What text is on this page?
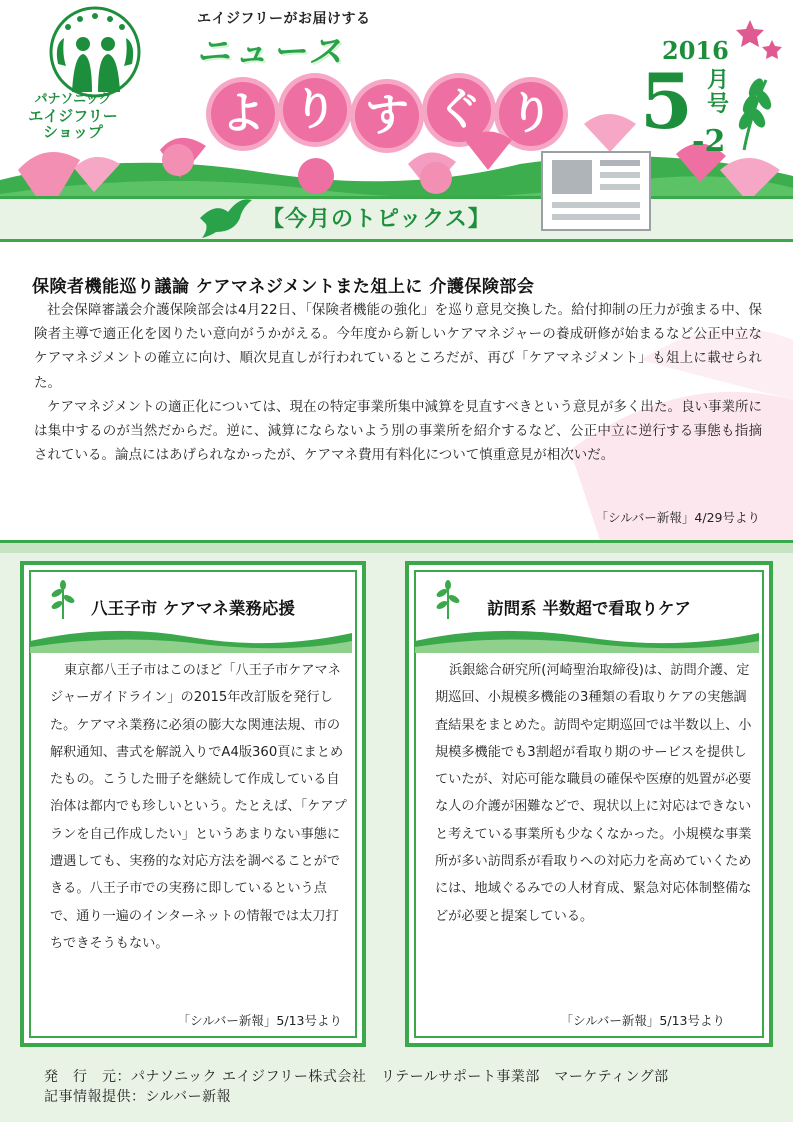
パナソニック
エイジフリー
ショップ
エイジフリーがお届けする
ニュース
よ り す ぐ り
2016
5 月号
-2
【今月のトピックス】
保険者機能巡り議論 ケアマネジメントまた俎上に 介護保険部会

社会保障審議会介護保険部会は4月22日、「保険者機能の強化」を巡り意見交換した。給付抑制の圧力が強まる中、保険者主導で適正化を図りたい意向がうかがえる。今年度から新しいケアマネジャーの養成研修が始まるなど公正中立なケアマネジメントの確立に向け、順次見直しが行われているところだが、再び「ケアマネジメント」も俎上に載せられた。

ケアマネジメントの適正化については、現在の特定事業所集中減算を見直すべきという意見が多く出た。良い事業所には集中するのが当然だからだ。逆に、減算にならないよう別の事業所を紹介するなど、公正中立に逆行する事態も指摘されている。論点にはあげられなかったが、ケアマネ費用有料化について慎重意見が相次いだ。

「シルバー新報」4/29号より
八王子市 ケアマネ業務応援

東京都八王子市はこのほど「八王子市ケアマネジャーガイドライン」の2015年改訂版を発行した。ケアマネ業務に必須の膨大な関連法規、市の解釈通知、書式を解説入りでA4版360頁にまとめたもの。こうした冊子を継続して作成している自治体は都内でも珍しいという。たとえば、「ケアプランを自己作成したい」というあまりない事態に遭遇しても、実務的な対応方法を調べることができる。八王子市での実務に即しているという点で、通り一遍のインターネットの情報では太刀打ちできそうもない。

「シルバー新報」5/13号より
訪問系 半数超で看取りケア

浜銀総合研究所(河崎聖治取締役)は、訪問介護、定期巡回、小規模多機能の3種類の看取りケアの実態調査結果をまとめた。訪問や定期巡回では半数以上、小規模多機能でも3割超が看取り期のサービスを提供していたが、対応可能な職員の確保や医療的処置が必要な人の介護が困難などで、現状以上に対応はできないと考えている事業所も少なくなかった。小規模な事業所が多い訪問系が看取りへの対応力を高めていくためには、地域ぐるみでの人材育成、緊急対応体制整備などが必要と提案している。

「シルバー新報」5/13号より
発　行　元：パナソニック エイジフリー株式会社　リテールサポート事業部　マーケティング部
記事情報提供：シルバー新報
